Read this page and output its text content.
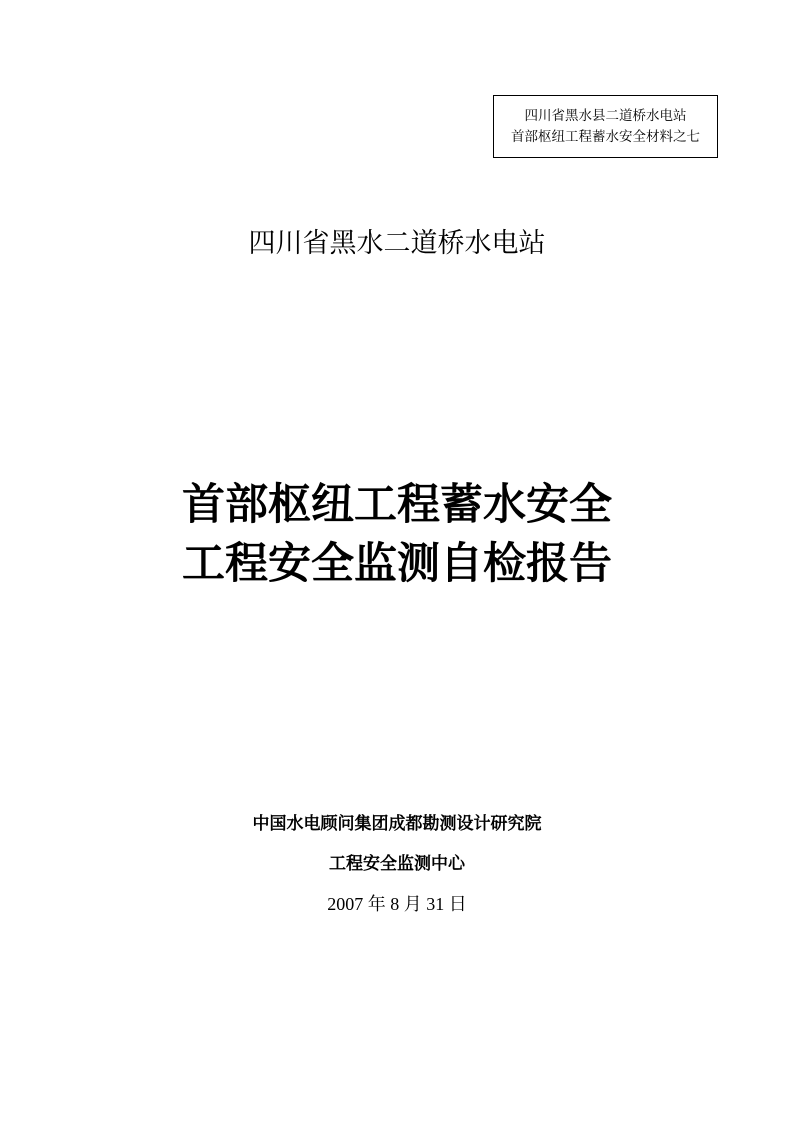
四川省黑水县二道桥水电站
首部枢纽工程蓄水安全材料之七
四川省黑水二道桥水电站
首部枢纽工程蓄水安全
工程安全监测自检报告
中国水电顾问集团成都勘测设计研究院
工程安全监测中心
2007 年 8 月 31 日
